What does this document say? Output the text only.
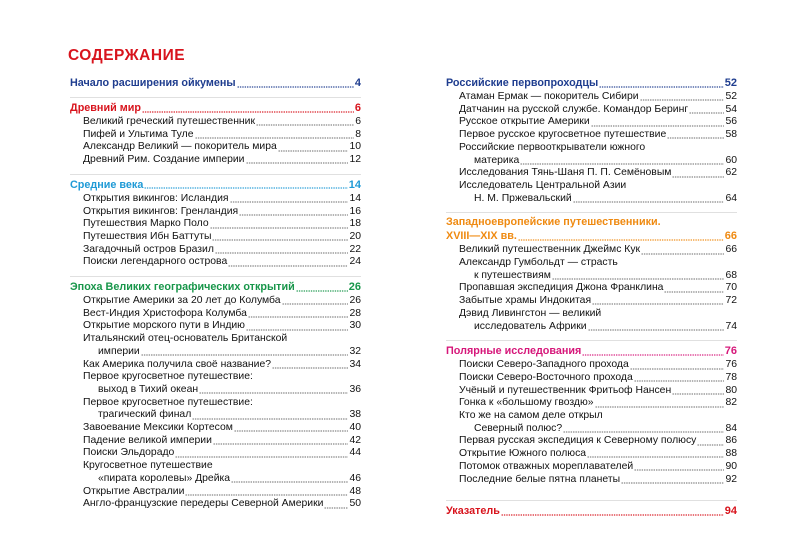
СОДЕРЖАНИЕ
Начало расширения ойкумены	4
Древний мир	6
Великий греческий путешественник	6
Пифей и Ультима Туле	8
Александр Великий — покоритель мира	10
Древний Рим. Создание империи	12
Средние века	14
Открытия викингов: Исландия	14
Открытия викингов: Гренландия	16
Путешествия Марко Поло	18
Путешествия Ибн Баттуты	20
Загадочный остров Бразил	22
Поиски легендарного острова	24
Эпоха Великих географических открытий	26
Открытие Америки за 20 лет до Колумба	26
Вест-Индия Христофора Колумба	28
Открытие морского пути в Индию	30
Итальянский отец-основатель Британской
империи	32
Как Америка получила своё название?	34
Первое кругосветное путешествие:
выход в Тихий океан	36
Первое кругосветное путешествие:
трагический финал	38
Завоевание Мексики Кортесом	40
Падение великой империи	42
Поиски Эльдорадо	44
Кругосветное путешествие
«пирата королевы» Дрейка	46
Открытие Австралии	48
Англо-французские передеры Северной Америки 50
Российские первопроходцы	52
Атаман Ермак — покоритель Сибири	52
Датчанин на русской службе. Командор Беринг	54
Русское открытие Америки	56
Первое русское кругосветное путешествие	58
Российские первооткрыватели южного
материка	60
Исследования Тянь-Шаня П. П. Семёновым	62
Исследователь Центральной Азии
Н. М. Пржевальский	64
Западноевропейские путешественники.
XVIII—XIX вв.	66
Великий путешественник Джеймс Кук	66
Александр Гумбольдт — страсть
к путешествиям	68
Пропавшая экспедиция Джона Франклина	70
Забытые храмы Индокитая	72
Дэвид Ливингстон — великий
исследователь Африки	74
Полярные исследования	76
Поиски Северо-Западного прохода	76
Поиски Северо-Восточного прохода	78
Учёный и путешественник Фритьоф Нансен	80
Гонка к «большому гвоздю»	82
Кто же на самом деле открыл
Северный полюс?	84
Первая русская экспедиция к Северному полюсу	86
Открытие Южного полюса	88
Потомок отважных мореплавателей	90
Последние белые пятна планеты	92
Указатель	94
